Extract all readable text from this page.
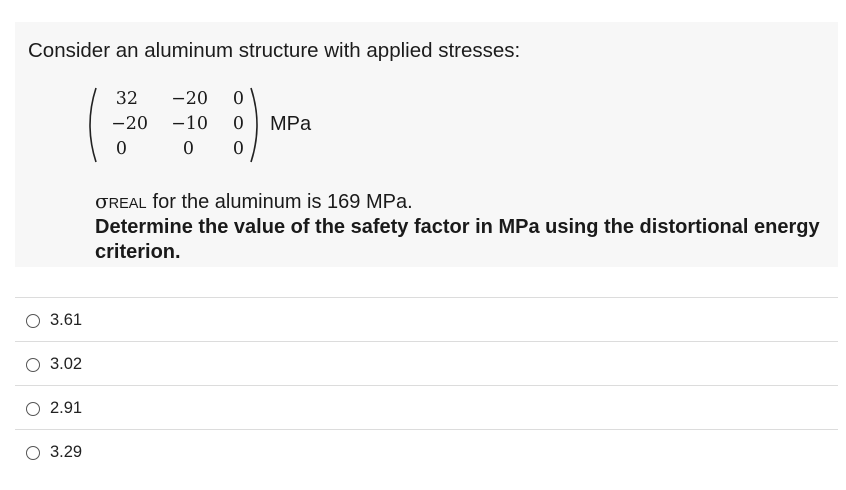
Consider an aluminum structure with applied stresses:
32 −20	0
−20 −10	0
0	0	0
MPa
σREAL for the aluminum is 169 MPa.
Determine the value of the safety factor in MPa using the distortional energy criterion.
3.61
3.02
2.91
3.29
